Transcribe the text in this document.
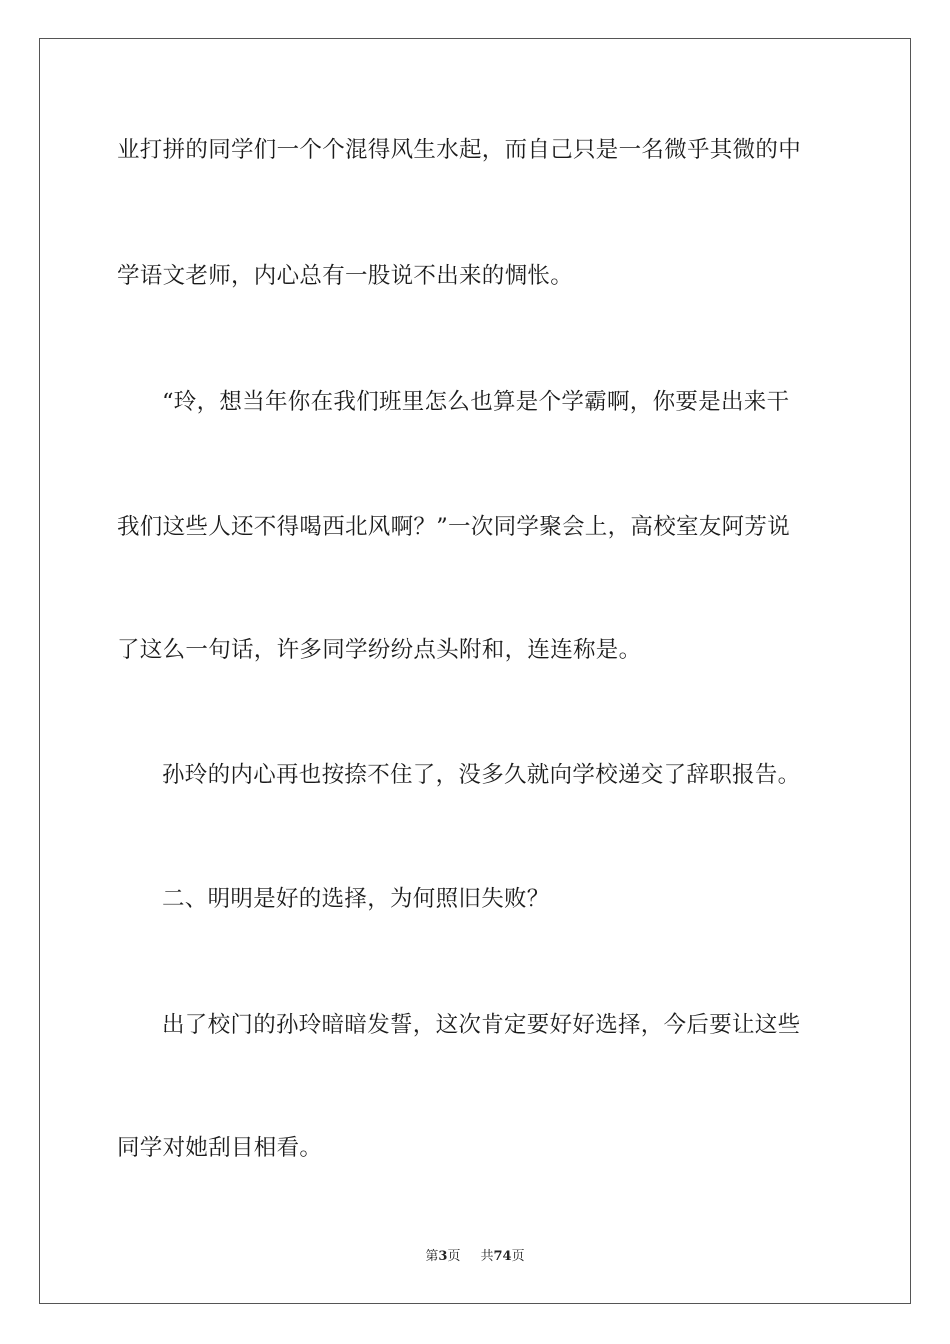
业打拼的同学们一个个混得风生水起，而自己只是一名微乎其微的中
学语文老师，内心总有一股说不出来的惆怅。
“玲，想当年你在我们班里怎么也算是个学霸啊，你要是出来干
我们这些人还不得喝西北风啊？”一次同学聚会上，高校室友阿芳说
了这么一句话，许多同学纷纷点头附和，连连称是。
孙玲的内心再也按捺不住了，没多久就向学校递交了辞职报告。
二、明明是好的选择，为何照旧失败？
出了校门的孙玲暗暗发誓，这次肯定要好好选择，今后要让这些
同学对她刮目相看。
第3页 共74页
